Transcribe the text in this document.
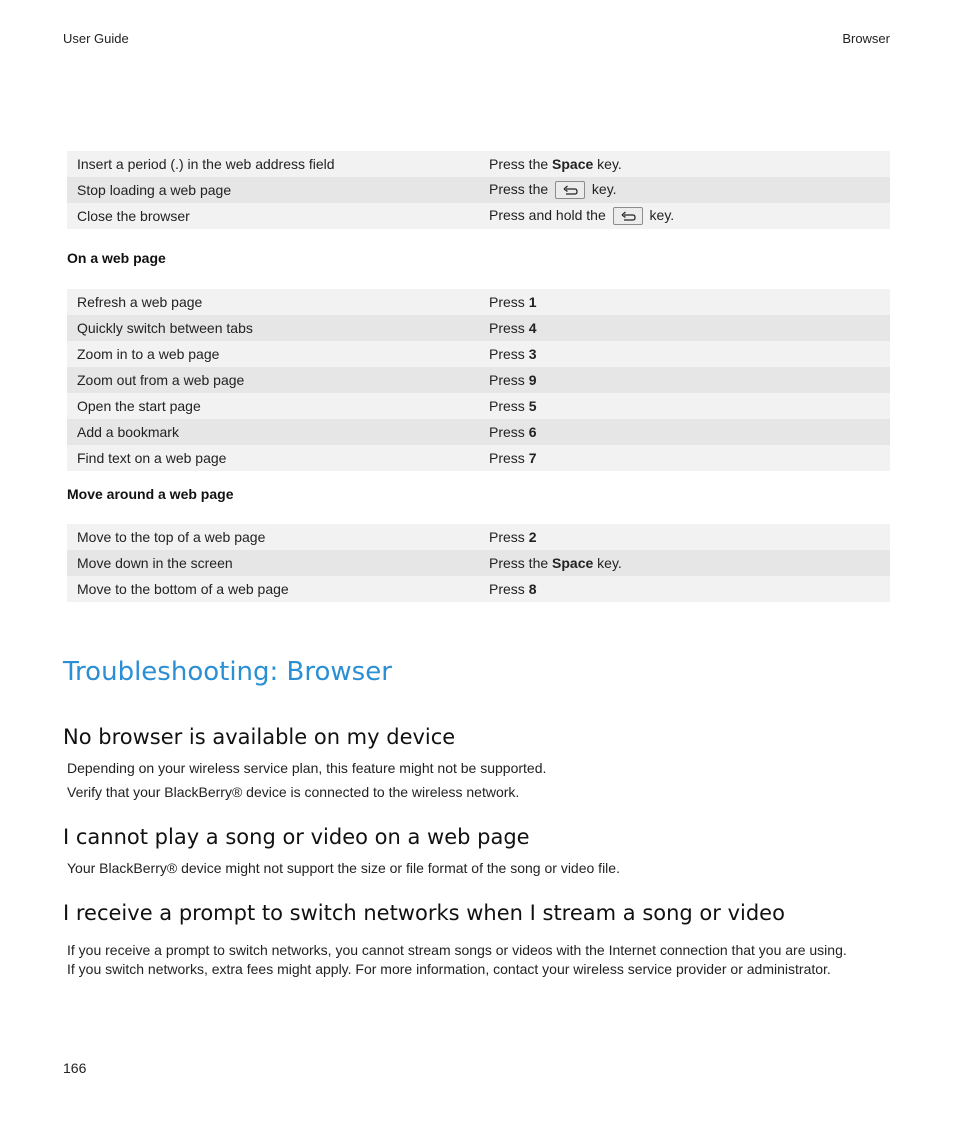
User Guide	Browser
Insert a period (.) in the web address field	Press the Space key.
Stop loading a web page	Press the key.
Close the browser	Press and hold the key.
On a web page
Refresh a web page	Press 1
Quickly switch between tabs	Press 4
Zoom in to a web page	Press 3
Zoom out from a web page	Press 9
Open the start page	Press 5
Add a bookmark	Press 6
Find text on a web page	Press 7
Move around a web page
Move to the top of a web page	Press 2
Move down in the screen	Press the Space key.
Move to the bottom of a web page	Press 8
Troubleshooting: Browser
No browser is available on my device

Depending on your wireless service plan, this feature might not be supported.

Verify that your BlackBerry® device is connected to the wireless network.

I cannot play a song or video on a web page

Your BlackBerry® device might not support the size or file format of the song or video file.

I receive a prompt to switch networks when I stream a song or video

If you receive a prompt to switch networks, you cannot stream songs or videos with the Internet connection that you are using.

If you switch networks, extra fees might apply. For more information, contact your wireless service provider or administrator.

166
